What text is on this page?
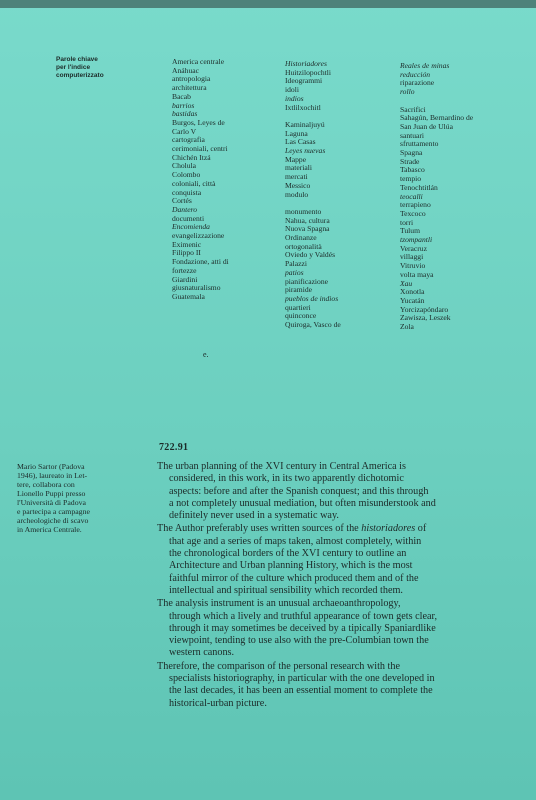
Parole chiave
per l'indice
computerizzato
America centrale
Anáhuac
antropologia
architettura
Bacab
barrios
bastidas
Burgos, Leyes de
Carlo V
cartografia
cerimoniali, centri
Chichén Itzá
Cholula
Colombo
coloniali, città
conquista
Cortés
Dantero
documenti
Encomienda
evangelizzazione
Eximenic
Filippo II
Fondazione, atti di
fortezze
Giardini
giusnaturalismo
Guatemala
Historiadores
Huitzilopochtli
Ideogrammi
idoli
indios
Ixtlilxochitl

Kaminaljuyú
Laguna
Las Casas
Leyes nuevas
Mappe
materiali
mercati
Messico
modulo

monumento
Nahua, cultura
Nuova Spagna
Ordinanze
ortogonalità
Oviedo y Valdés
Palazzi
patios
pianificazione
piramide
pueblos de indios
quartieri
quinconce
Quiroga, Vasco de
Reales de minas
reducción
riparazione
rollo

Sacrifici
Sahagún, Bernardino de
San Juan de Ulúa
santuari
sfruttamento
Spagna
Strade
Tabasco
tempio
Tenochtitlán
teocalli
terrapieno
Texcoco
torri
Tulum
tzompantli
Veracruz
villaggi
Vitruvio
volta maya
Xau
Xonotla
Yucatán
Yorcizapóndaro
Zawisza, Leszek
Zola
e.
722.91
Mario Sartor (Padova
1946), laureato in Let-
tere, collabora con
Lionello Puppi presso
l'Università di Padova
e partecipa a campagne
archeologiche di scavo
in America Centrale.

The urban planning of the XVI century in Central America is
considered, in this work, in its two apparently dichotomic
aspects: before and after the Spanish conquest; and this through
a not completely unusual mediation, but often misunderstook and
definitely never used in a systematic way.

The Author preferably uses written sources of the historiadores of
that age and a series of maps taken, almost completely, within
the chronological borders of the XVI century to outline an
Architecture and Urban planning History, which is the most
faithful mirror of the culture which produced them and of the
intellectual and spiritual sensibility which recorded them.

The analysis instrument is an unusual archaeoanthropology,
through which a lively and truthful appearance of town gets clear,
through it may sometimes be deceived by a tipically Spaniardlike
viewpoint, tending to use also with the pre-Columbian town the
western canons.

Therefore, the comparison of the personal research with the
specialists historiography, in particular with the one developed in
the last decades, it has been an essential moment to complete the
historical-urban picture.
